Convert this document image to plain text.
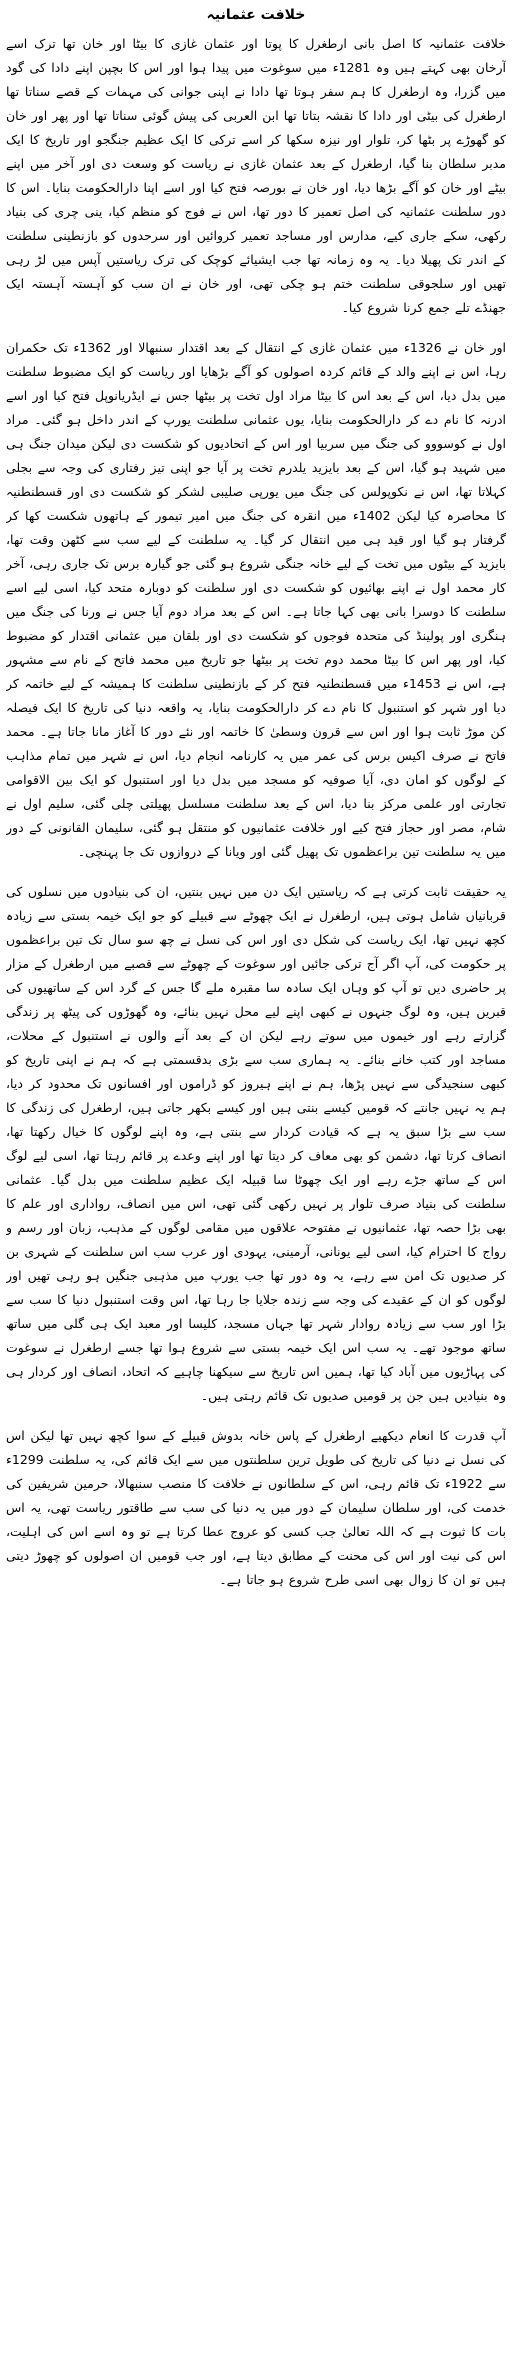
خلافت عثمانیہ

خلافت عثمانیہ کا اصل بانی ارطغرل کا پوتا اور عثمان غازی کا بیٹا اور خان تھا ترک اسے آرخان بھی کہتے ہیں وہ 1281ء میں سوغوت میں پیدا ہوا اور اس کا بچپن اپنے دادا کی گود میں گزرا، وہ ارطغرل کا ہم سفر ہوتا تھا دادا نے اپنی جوانی کی مہمات کے قصے سناتا تھا ارطغرل کی بیٹی اور دادا کا نقشہ بتاتا تھا ابن العربی کی پیش گوئی سناتا تھا اور پھر اور خان کو گھوڑے پر بٹھا کر، تلوار اور نیزہ سکھا کر اسے ترکی کا ایک عظیم جنگجو اور تاریخ کا ایک مدبر سلطان بنا گیا، ارطغرل کے بعد عثمان غازی نے ریاست کو وسعت دی اور آخر میں اپنے بیٹے اور خان کو آگے بڑھا دیا، اور خان نے بورصہ فتح کیا اور اسے اپنا دارالحکومت بنایا۔ اس کا دور سلطنت عثمانیہ کی اصل تعمیر کا دور تھا، اس نے فوج کو منظم کیا، ینی چری کی بنیاد رکھی، سکے جاری کیے، مدارس اور مساجد تعمیر کروائیں اور سرحدوں کو بازنطینی سلطنت کے اندر تک پھیلا دیا۔ یہ وہ زمانہ تھا جب ایشیائے کوچک کی ترک ریاستیں آپس میں لڑ رہی تھیں اور سلجوقی سلطنت ختم ہو چکی تھی، اور خان نے ان سب کو آہستہ آہستہ ایک جھنڈے تلے جمع کرنا شروع کیا۔

اور خان نے 1326ء میں عثمان غازی کے انتقال کے بعد اقتدار سنبھالا اور 1362ء تک حکمران رہا، اس نے اپنے والد کے قائم کردہ اصولوں کو آگے بڑھایا اور ریاست کو ایک مضبوط سلطنت میں بدل دیا، اس کے بعد اس کا بیٹا مراد اول تخت پر بیٹھا جس نے ایڈریانوپل فتح کیا اور اسے ادرنہ کا نام دے کر دارالحکومت بنایا، یوں عثمانی سلطنت یورپ کے اندر داخل ہو گئی۔ مراد اول نے کوسووو کی جنگ میں سربیا اور اس کے اتحادیوں کو شکست دی لیکن میدان جنگ ہی میں شہید ہو گیا، اس کے بعد بایزید یلدرم تخت پر آیا جو اپنی تیز رفتاری کی وجہ سے بجلی کہلاتا تھا، اس نے نکوپولس کی جنگ میں یورپی صلیبی لشکر کو شکست دی اور قسطنطنیہ کا محاصرہ کیا لیکن 1402ء میں انقرہ کی جنگ میں امیر تیمور کے ہاتھوں شکست کھا کر گرفتار ہو گیا اور قید ہی میں انتقال کر گیا۔ یہ سلطنت کے لیے سب سے کٹھن وقت تھا، بایزید کے بیٹوں میں تخت کے لیے خانہ جنگی شروع ہو گئی جو گیارہ برس تک جاری رہی، آخر کار محمد اول نے اپنے بھائیوں کو شکست دی اور سلطنت کو دوبارہ متحد کیا، اسی لیے اسے سلطنت کا دوسرا بانی بھی کہا جاتا ہے۔ اس کے بعد مراد دوم آیا جس نے ورنا کی جنگ میں ہنگری اور پولینڈ کی متحدہ فوجوں کو شکست دی اور بلقان میں عثمانی اقتدار کو مضبوط کیا، اور پھر اس کا بیٹا محمد دوم تخت پر بیٹھا جو تاریخ میں محمد فاتح کے نام سے مشہور ہے، اس نے 1453ء میں قسطنطنیہ فتح کر کے بازنطینی سلطنت کا ہمیشہ کے لیے خاتمہ کر دیا اور شہر کو استنبول کا نام دے کر دارالحکومت بنایا، یہ واقعہ دنیا کی تاریخ کا ایک فیصلہ کن موڑ ثابت ہوا اور اس سے قرون وسطیٰ کا خاتمہ اور نئے دور کا آغاز مانا جاتا ہے۔ محمد فاتح نے صرف اکیس برس کی عمر میں یہ کارنامہ انجام دیا، اس نے شہر میں تمام مذاہب کے لوگوں کو امان دی، آیا صوفیہ کو مسجد میں بدل دیا اور استنبول کو ایک بین الاقوامی تجارتی اور علمی مرکز بنا دیا، اس کے بعد سلطنت مسلسل پھیلتی چلی گئی، سلیم اول نے شام، مصر اور حجاز فتح کیے اور خلافت عثمانیوں کو منتقل ہو گئی، سلیمان القانونی کے دور میں یہ سلطنت تین براعظموں تک پھیل گئی اور ویانا کے دروازوں تک جا پہنچی۔

یہ حقیقت ثابت کرتی ہے کہ ریاستیں ایک دن میں نہیں بنتیں، ان کی بنیادوں میں نسلوں کی قربانیاں شامل ہوتی ہیں، ارطغرل نے ایک چھوٹے سے قبیلے کو جو ایک خیمہ بستی سے زیادہ کچھ نہیں تھا، ایک ریاست کی شکل دی اور اس کی نسل نے چھ سو سال تک تین براعظموں پر حکومت کی، آپ اگر آج ترکی جائیں اور سوغوت کے چھوٹے سے قصبے میں ارطغرل کے مزار پر حاضری دیں تو آپ کو وہاں ایک سادہ سا مقبرہ ملے گا جس کے گرد اس کے ساتھیوں کی قبریں ہیں، وہ لوگ جنہوں نے کبھی اپنے لیے محل نہیں بنائے، وہ گھوڑوں کی پیٹھ پر زندگی گزارتے رہے اور خیموں میں سوتے رہے لیکن ان کے بعد آنے والوں نے استنبول کے محلات، مساجد اور کتب خانے بنائے۔ یہ ہماری سب سے بڑی بدقسمتی ہے کہ ہم نے اپنی تاریخ کو کبھی سنجیدگی سے نہیں پڑھا، ہم نے اپنے ہیروز کو ڈراموں اور افسانوں تک محدود کر دیا، ہم یہ نہیں جانتے کہ قومیں کیسے بنتی ہیں اور کیسے بکھر جاتی ہیں، ارطغرل کی زندگی کا سب سے بڑا سبق یہ ہے کہ قیادت کردار سے بنتی ہے، وہ اپنے لوگوں کا خیال رکھتا تھا، انصاف کرتا تھا، دشمن کو بھی معاف کر دیتا تھا اور اپنے وعدے پر قائم رہتا تھا، اسی لیے لوگ اس کے ساتھ جڑے رہے اور ایک چھوٹا سا قبیلہ ایک عظیم سلطنت میں بدل گیا۔ عثمانی سلطنت کی بنیاد صرف تلوار پر نہیں رکھی گئی تھی، اس میں انصاف، رواداری اور علم کا بھی بڑا حصہ تھا، عثمانیوں نے مفتوحہ علاقوں میں مقامی لوگوں کے مذہب، زبان اور رسم و رواج کا احترام کیا، اسی لیے یونانی، آرمینی، یہودی اور عرب سب اس سلطنت کے شہری بن کر صدیوں تک امن سے رہے، یہ وہ دور تھا جب یورپ میں مذہبی جنگیں ہو رہی تھیں اور لوگوں کو ان کے عقیدے کی وجہ سے زندہ جلایا جا رہا تھا، اس وقت استنبول دنیا کا سب سے بڑا اور سب سے زیادہ روادار شہر تھا جہاں مسجد، کلیسا اور معبد ایک ہی گلی میں ساتھ ساتھ موجود تھے۔ یہ سب اس ایک خیمہ بستی سے شروع ہوا تھا جسے ارطغرل نے سوغوت کی پہاڑیوں میں آباد کیا تھا، ہمیں اس تاریخ سے سیکھنا چاہیے کہ اتحاد، انصاف اور کردار ہی وہ بنیادیں ہیں جن پر قومیں صدیوں تک قائم رہتی ہیں۔

آپ قدرت کا انعام دیکھیے ارطغرل کے پاس خانہ بدوش قبیلے کے سوا کچھ نہیں تھا لیکن اس کی نسل نے دنیا کی تاریخ کی طویل ترین سلطنتوں میں سے ایک قائم کی، یہ سلطنت 1299ء سے 1922ء تک قائم رہی، اس کے سلطانوں نے خلافت کا منصب سنبھالا، حرمین شریفین کی خدمت کی، اور سلطان سلیمان کے دور میں یہ دنیا کی سب سے طاقتور ریاست تھی، یہ اس بات کا ثبوت ہے کہ اللہ تعالیٰ جب کسی کو عروج عطا کرتا ہے تو وہ اسے اس کی اہلیت، اس کی نیت اور اس کی محنت کے مطابق دیتا ہے، اور جب قومیں ان اصولوں کو چھوڑ دیتی ہیں تو ان کا زوال بھی اسی طرح شروع ہو جاتا ہے۔
